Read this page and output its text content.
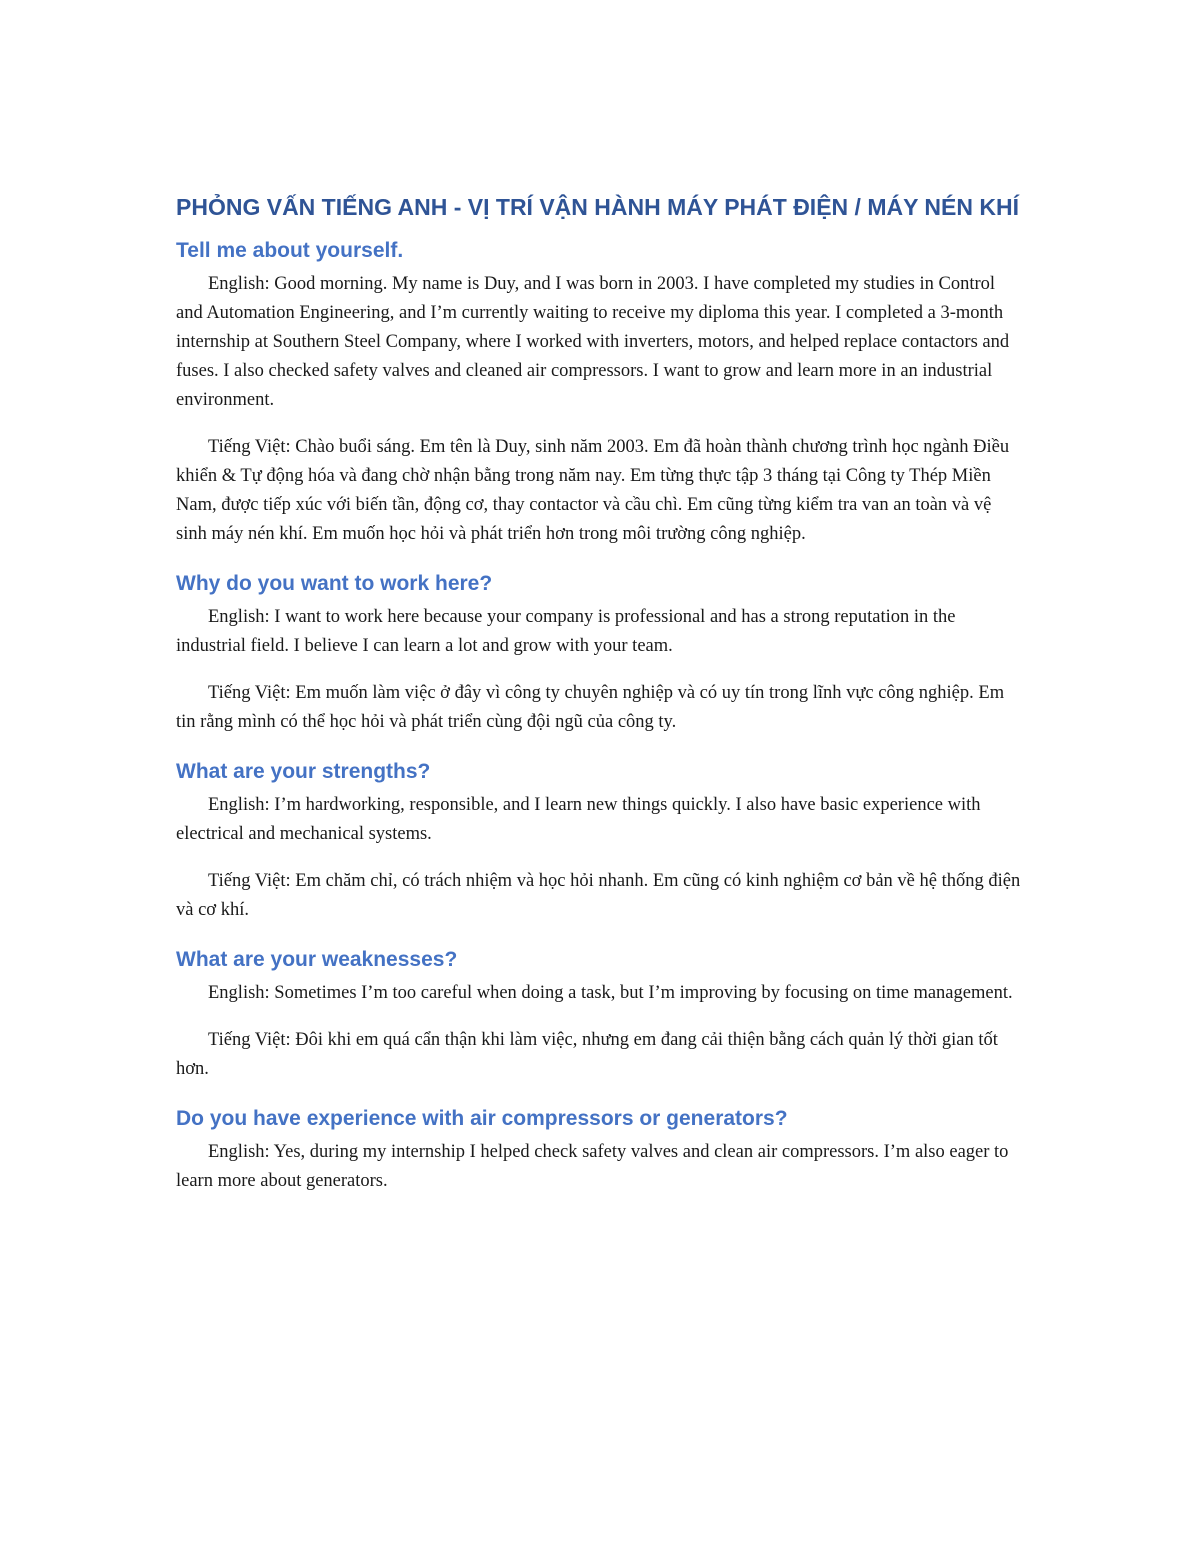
PHỎNG VẤN TIẾNG ANH - VỊ TRÍ VẬN HÀNH MÁY PHÁT ĐIỆN / MÁY NÉN KHÍ
Tell me about yourself.

English: Good morning. My name is Duy, and I was born in 2003. I have completed my studies in Control and Automation Engineering, and I’m currently waiting to receive my diploma this year. I completed a 3-month internship at Southern Steel Company, where I worked with inverters, motors, and helped replace contactors and fuses. I also checked safety valves and cleaned air compressors. I want to grow and learn more in an industrial environment.

Tiếng Việt: Chào buổi sáng. Em tên là Duy, sinh năm 2003. Em đã hoàn thành chương trình học ngành Điều khiển & Tự động hóa và đang chờ nhận bằng trong năm nay. Em từng thực tập 3 tháng tại Công ty Thép Miền Nam, được tiếp xúc với biến tần, động cơ, thay contactor và cầu chì. Em cũng từng kiểm tra van an toàn và vệ sinh máy nén khí. Em muốn học hỏi và phát triển hơn trong môi trường công nghiệp.

Why do you want to work here?

English: I want to work here because your company is professional and has a strong reputation in the industrial field. I believe I can learn a lot and grow with your team.

Tiếng Việt: Em muốn làm việc ở đây vì công ty chuyên nghiệp và có uy tín trong lĩnh vực công nghiệp. Em tin rằng mình có thể học hỏi và phát triển cùng đội ngũ của công ty.

What are your strengths?

English: I’m hardworking, responsible, and I learn new things quickly. I also have basic experience with electrical and mechanical systems.

Tiếng Việt: Em chăm chỉ, có trách nhiệm và học hỏi nhanh. Em cũng có kinh nghiệm cơ bản về hệ thống điện và cơ khí.

What are your weaknesses?

English: Sometimes I’m too careful when doing a task, but I’m improving by focusing on time management.

Tiếng Việt: Đôi khi em quá cẩn thận khi làm việc, nhưng em đang cải thiện bằng cách quản lý thời gian tốt hơn.

Do you have experience with air compressors or generators?

English: Yes, during my internship I helped check safety valves and clean air compressors. I’m also eager to learn more about generators.
